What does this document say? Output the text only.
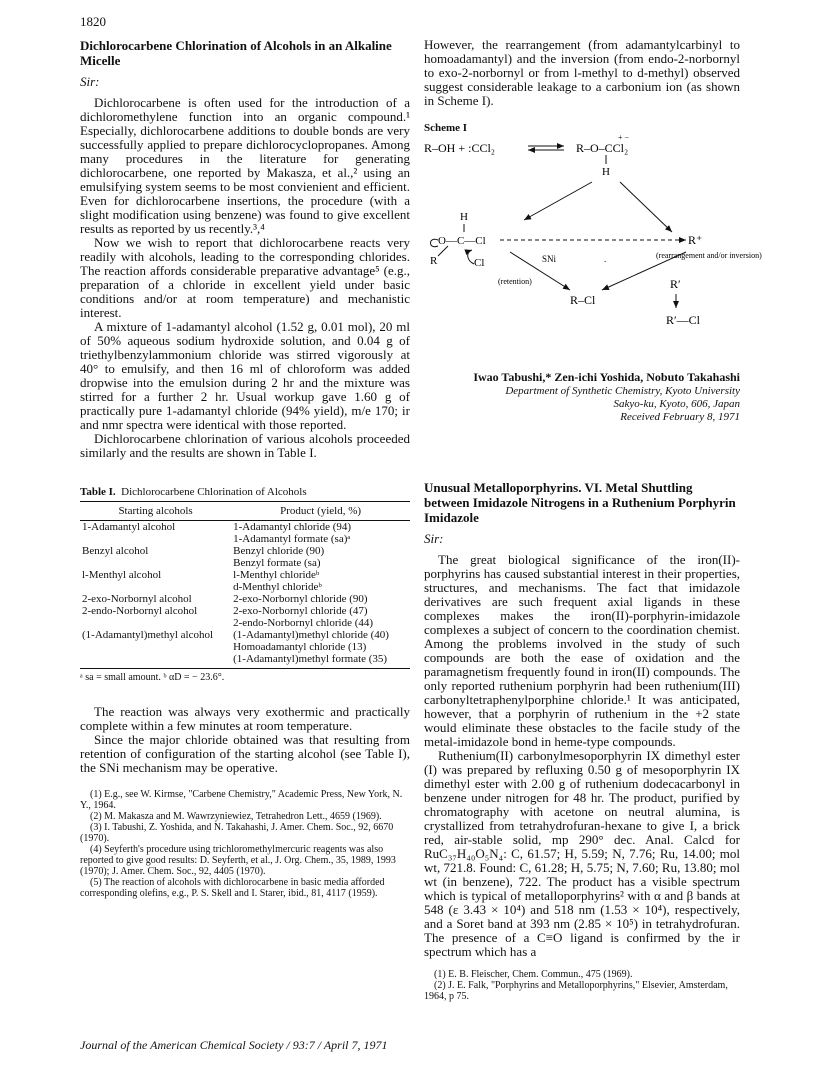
1820
Dichlorocarbene Chlorination of Alcohols in an Alkaline Micelle
Sir:

Dichlorocarbene is often used for the introduction of a dichloromethylene function into an organic compound.¹ Especially, dichlorocarbene additions to double bonds are very successfully applied to prepare dichlorocyclopropanes. Among many procedures in the literature for generating dichlorocarbene, one reported by Makasza, et al.,² using an emulsifying system seems to be most convienient and efficient. Even for dichlorocarbene insertions, the procedure (with a slight modification using benzene) was found to give excellent results as reported by us recently.³,⁴

Now we wish to report that dichlorocarbene reacts very readily with alcohols, leading to the corresponding chlorides. The reaction affords considerable preparative advantage⁵ (e.g., preparation of a chloride in excellent yield under basic conditions and/or at room temperature) and mechanistic interest.

A mixture of 1-adamantyl alcohol (1.52 g, 0.01 mol), 20 ml of 50% aqueous sodium hydroxide solution, and 0.04 g of triethylbenzylammonium chloride was stirred vigorously at 40° to emulsify, and then 16 ml of chloroform was added dropwise into the emulsion during 2 hr and the mixture was stirred for a further 2 hr. Usual workup gave 1.60 g of practically pure 1-adamantyl chloride (94% yield), m/e 170; ir and nmr spectra were identical with those reported.

Dichlorocarbene chlorination of various alcohols proceeded similarly and the results are shown in Table I.

Table I. Dichlorocarbene Chlorination of Alcohols
Starting alcohols	Product (yield, %)
1-Adamantyl alcohol	1-Adamantyl chloride (94)
	1-Adamantyl formate (sa)ᵃ
Benzyl alcohol	Benzyl chloride (90)
	Benzyl formate (sa)
l-Menthyl alcohol	l-Menthyl chlorideᵇ
	d-Menthyl chlorideᵇ
2-exo-Norbornyl alcohol	2-exo-Norbornyl chloride (90)
2-endo-Norbornyl alcohol	2-exo-Norbornyl chloride (47)
	2-endo-Norbornyl chloride (44)
(1-Adamantyl)methyl alcohol	(1-Adamantyl)methyl chloride (40)
	Homoadamantyl chloride (13)
	(1-Adamantyl)methyl formate (35)
ᵃ sa = small amount. ᵇ αD = − 23.6°.

The reaction was always very exothermic and practically complete within a few minutes at room temperature.

Since the major chloride obtained was that resulting from retention of configuration of the starting alcohol (see Table I), the SNi mechanism may be operative.

(1) E.g., see W. Kirmse, "Carbene Chemistry," Academic Press, New York, N. Y., 1964.
(2) M. Makasza and M. Wawrzyniewiez, Tetrahedron Lett., 4659 (1969).
(3) I. Tabushi, Z. Yoshida, and N. Takahashi, J. Amer. Chem. Soc., 92, 6670 (1970).
(4) Seyferth's procedure using trichloromethylmercuric reagents was also reported to give good results: D. Seyferth, et al., J. Org. Chem., 35, 1989, 1993 (1970); J. Amer. Chem. Soc., 92, 4405 (1970).
(5) The reaction of alcohols with dichlorocarbene in basic media afforded corresponding olefins, e.g., P. S. Skell and I. Starer, ibid., 81, 4117 (1959).

However, the rearrangement (from adamantylcarbinyl to homoadamantyl) and the inversion (from endo-2-norbornyl to exo-2-norbornyl or from l-methyl to d-methyl) observed suggest considerable leakage to a carbonium ion (as shown in Scheme I).

Scheme I
R–OH + :CCl₂
+ −
R–O–CCl₂
H
H
O—C—Cl
R	Cl
R⁺
SNi
(retention)
.	(rearrangement and/or inversion)
R–Cl
R′
R′—Cl
Iwao Tabushi,* Zen-ichi Yoshida, Nobuto Takahashi
Department of Synthetic Chemistry, Kyoto University
Sakyo-ku, Kyoto, 606, Japan
Received February 8, 1971
Unusual Metalloporphyrins. VI. Metal Shuttling between Imidazole Nitrogens in a Ruthenium Porphyrin Imidazole
Sir:

The great biological significance of the iron(II)-porphyrins has caused substantial interest in their properties, structures, and mechanisms. The fact that imidazole derivatives are such frequent axial ligands in these complexes makes the iron(II)-porphyrin-imidazole complexes a subject of concern to the coordination chemist. Among the problems involved in the study of such compounds are both the ease of oxidation and the paramagnetism frequently found in iron(II) compounds. The only reported ruthenium porphyrin had been ruthenium(III) carbonyltetraphenylporphine chloride.¹ It was anticipated, however, that a porphyrin of ruthenium in the +2 state would eliminate these obstacles to the facile study of the metal-imidazole bond in heme-type compounds.

Ruthenium(II) carbonylmesoporphyrin IX dimethyl ester (I) was prepared by refluxing 0.50 g of mesoporphyrin IX dimethyl ester with 2.00 g of ruthenium dodecacarbonyl in benzene under nitrogen for 48 hr. The product, purified by chromatography with acetone on neutral alumina, is crystallized from tetrahydrofuran-hexane to give I, a brick red, air-stable solid, mp 290° dec. Anal. Calcd for RuC₃₇H₄₀O₅N₄: C, 61.57; H, 5.59; N, 7.76; Ru, 14.00; mol wt, 721.8. Found: C, 61.28; H, 5.75; N, 7.60; Ru, 13.80; mol wt (in benzene), 722. The product has a visible spectrum which is typical of metalloporphyrins² with α and β bands at 548 (ε 3.43 × 10⁴) and 518 nm (1.53 × 10⁴), respectively, and a Soret band at 393 nm (2.85 × 10⁵) in tetrahydrofuran. The presence of a C≡O ligand is confirmed by the ir spectrum which has a

(1) E. B. Fleischer, Chem. Commun., 475 (1969).
(2) J. E. Falk, "Porphyrins and Metalloporphyrins," Elsevier, Amsterdam, 1964, p 75.
Journal of the American Chemical Society / 93:7 / April 7, 1971
